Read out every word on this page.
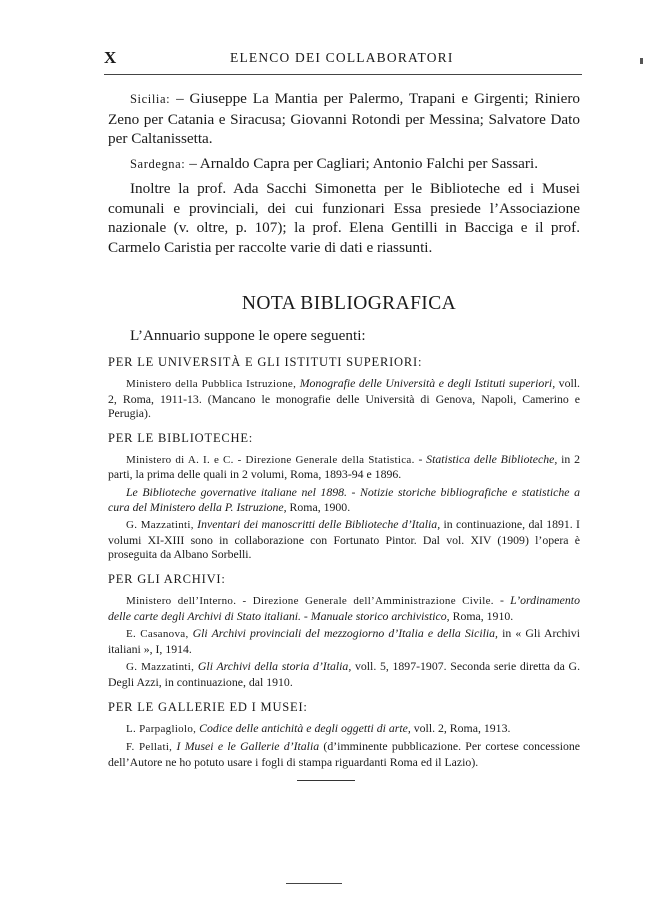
X	ELENCO DEI COLLABORATORI

Sicilia: – Giuseppe La Mantia per Palermo, Trapani e Girgenti; Riniero Zeno per Catania e Siracusa; Giovanni Rotondi per Messina; Salvatore Dato per Caltanissetta.

Sardegna: – Arnaldo Capra per Cagliari; Antonio Falchi per Sassari.

Inoltre la prof. Ada Sacchi Simonetta per le Biblioteche ed i Musei comunali e provinciali, dei cui funzionari Essa presiede l’Associazione nazionale (v. oltre, p. 107); la prof. Elena Gentilli in Bacciga e il prof. Carmelo Caristia per raccolte varie di dati e riassunti.

NOTA BIBLIOGRAFICA
L’Annuario suppone le opere seguenti:
PER LE UNIVERSITÀ E GLI ISTITUTI SUPERIORI:

Ministero della Pubblica Istruzione, Monografie delle Università e degli Istituti superiori, voll. 2, Roma, 1911-13. (Mancano le monografie delle Università di Genova, Napoli, Camerino e Perugia).

PER LE BIBLIOTECHE:

Ministero di A. I. e C. - Direzione Generale della Statistica. - Statistica delle Biblioteche, in 2 parti, la prima delle quali in 2 volumi, Roma, 1893-94 e 1896.

Le Biblioteche governative italiane nel 1898. - Notizie storiche bibliografiche e statistiche a cura del Ministero della P. Istruzione, Roma, 1900.

G. Mazzatinti, Inventari dei manoscritti delle Biblioteche d’Italia, in continuazione, dal 1891. I volumi XI-XIII sono in collaborazione con Fortunato Pintor. Dal vol. XIV (1909) l’opera è proseguita da Albano Sorbelli.

PER GLI ARCHIVI:

Ministero dell’Interno. - Direzione Generale dell’Amministrazione Civile. - L’ordinamento delle carte degli Archivi di Stato italiani. - Manuale storico archivistico, Roma, 1910.

E. Casanova, Gli Archivi provinciali del mezzogiorno d’Italia e della Sicilia, in « Gli Archivi italiani », I, 1914.

G. Mazzatinti, Gli Archivi della storia d’Italia, voll. 5, 1897-1907. Seconda serie diretta da G. Degli Azzi, in continuazione, dal 1910.

PER LE GALLERIE ED I MUSEI:

L. Parpagliolo, Codice delle antichità e degli oggetti di arte, voll. 2, Roma, 1913.

F. Pellati, I Musei e le Gallerie d’Italia (d’imminente pubblicazione. Per cortese concessione dell’Autore ne ho potuto usare i fogli di stampa riguardanti Roma ed il Lazio).
